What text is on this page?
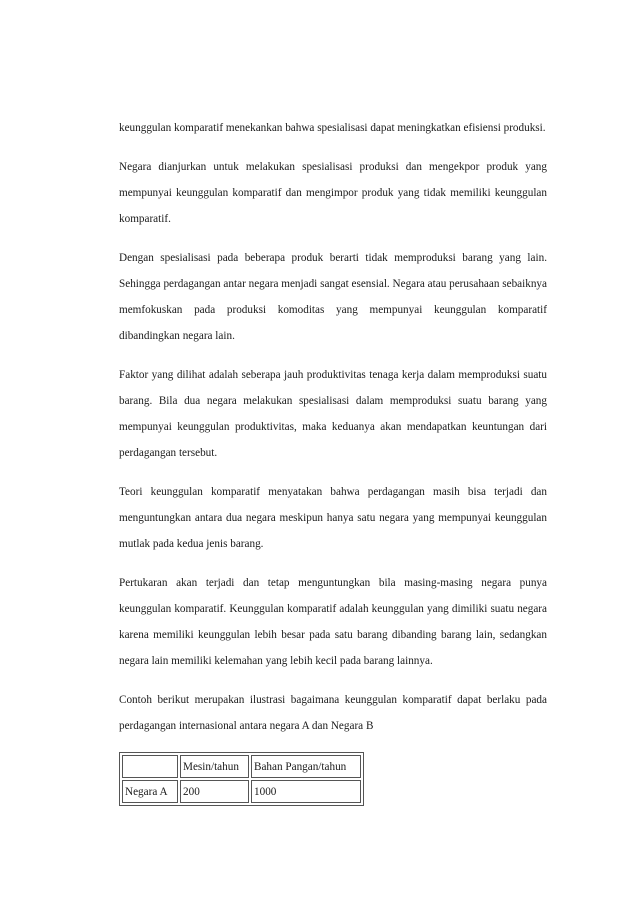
keunggulan komparatif menekankan bahwa spesialisasi dapat meningkatkan efisiensi produksi.

Negara dianjurkan untuk melakukan spesialisasi produksi dan mengekpor produk yang mempunyai keunggulan komparatif dan mengimpor produk yang tidak memiliki keunggulan komparatif.

Dengan spesialisasi pada beberapa produk berarti tidak memproduksi barang yang lain. Sehingga perdagangan antar negara menjadi sangat esensial. Negara atau perusahaan sebaiknya memfokuskan pada produksi komoditas yang mempunyai keunggulan komparatif dibandingkan negara lain.

Faktor yang dilihat adalah seberapa jauh produktivitas tenaga kerja dalam memproduksi suatu barang. Bila dua negara melakukan spesialisasi dalam memproduksi suatu barang yang mempunyai keunggulan produktivitas, maka keduanya akan mendapatkan keuntungan dari perdagangan tersebut.

Teori keunggulan komparatif menyatakan bahwa perdagangan masih bisa terjadi dan menguntungkan antara dua negara meskipun hanya satu negara yang mempunyai keunggulan mutlak pada kedua jenis barang.

Pertukaran akan terjadi dan tetap menguntungkan bila masing-masing negara punya keunggulan komparatif. Keunggulan komparatif adalah keunggulan yang dimiliki suatu negara karena memiliki keunggulan lebih besar pada satu barang dibanding barang lain, sedangkan negara lain memiliki kelemahan yang lebih kecil pada barang lainnya.

Contoh berikut merupakan ilustrasi bagaimana keunggulan komparatif dapat berlaku pada perdagangan internasional antara negara A dan Negara B

	Mesin/tahun	Bahan Pangan/tahun
Negara A	200	1000
